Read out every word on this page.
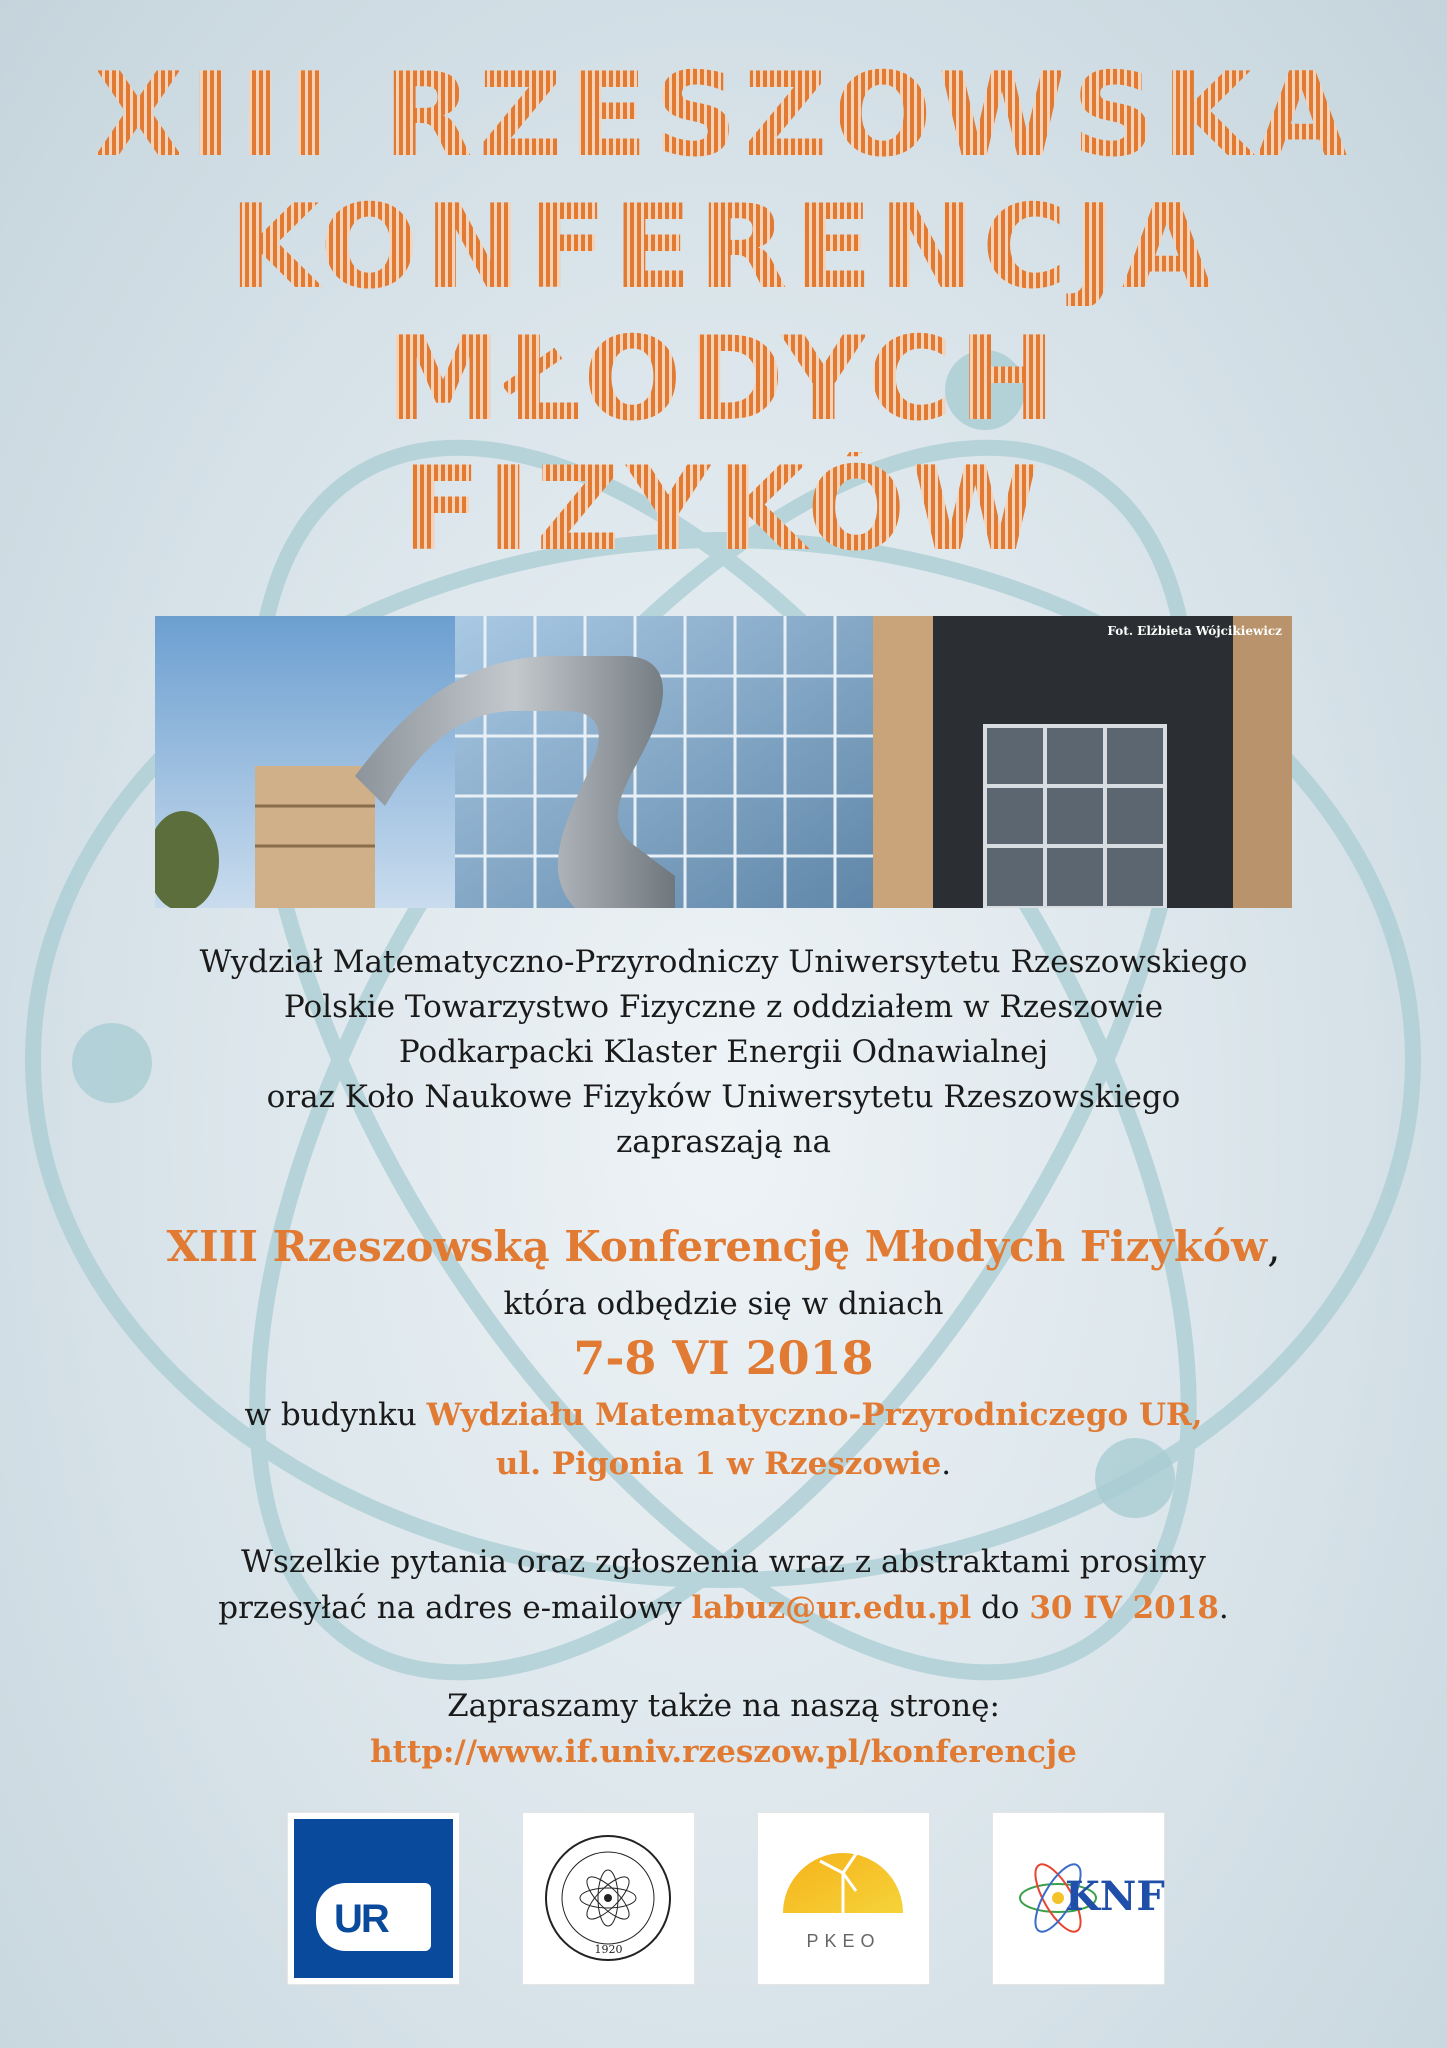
XIII RZESZOWSKA
KONFERENCJA
MŁODYCH
FIZYKÓW
Fot. Elżbieta Wójcikiewicz
Wydział Matematyczno-Przyrodniczy Uniwersytetu Rzeszowskiego
Polskie Towarzystwo Fizyczne z oddziałem w Rzeszowie
Podkarpacki Klaster Energii Odnawialnej
oraz Koło Naukowe Fizyków Uniwersytetu Rzeszowskiego
zapraszają na
XIII Rzeszowską Konferencję Młodych Fizyków,
która odbędzie się w dniach
7-8 VI 2018
w budynku Wydziału Matematyczno-Przyrodniczego UR,
ul. Pigonia 1 w Rzeszowie.
Wszelkie pytania oraz zgłoszenia wraz z abstraktami prosimy
przesyłać na adres e-mailowy labuz@ur.edu.pl do 30 IV 2018.
Zapraszamy także na naszą stronę:
http://www.if.univ.rzeszow.pl/konferencje
UR
1920	PKEO
KNF
